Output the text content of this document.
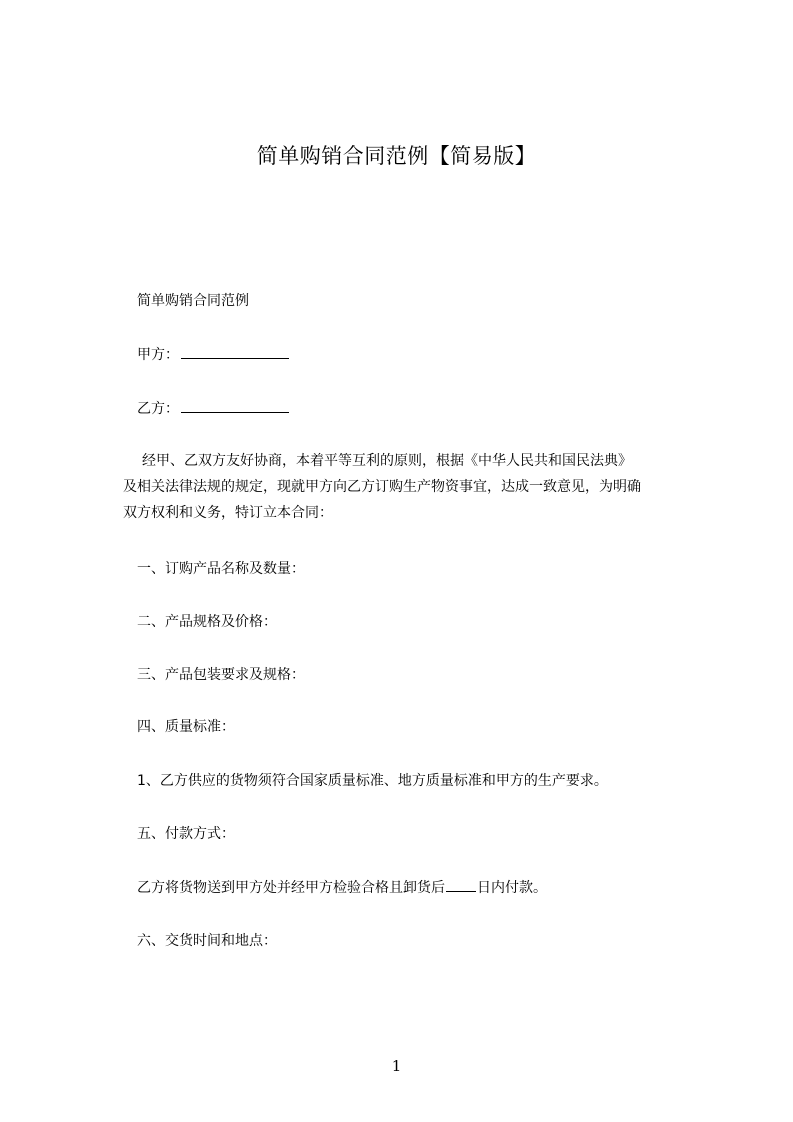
简单购销合同范例【简易版】
简单购销合同范例
甲方：
乙方：
经甲、乙双方友好协商，本着平等互利的原则，根据《中华人民共和国民法典》
及相关法律法规的规定，现就甲方向乙方订购生产物资事宜，达成一致意见，为明确
双方权利和义务，特订立本合同：
一、订购产品名称及数量：
二、产品规格及价格：
三、产品包装要求及规格：
四、质量标准：
1、乙方供应的货物须符合国家质量标准、地方质量标准和甲方的生产要求。
五、付款方式：
乙方将货物送到甲方处并经甲方检验合格且卸货后 日内付款。
六、交货时间和地点：
1
